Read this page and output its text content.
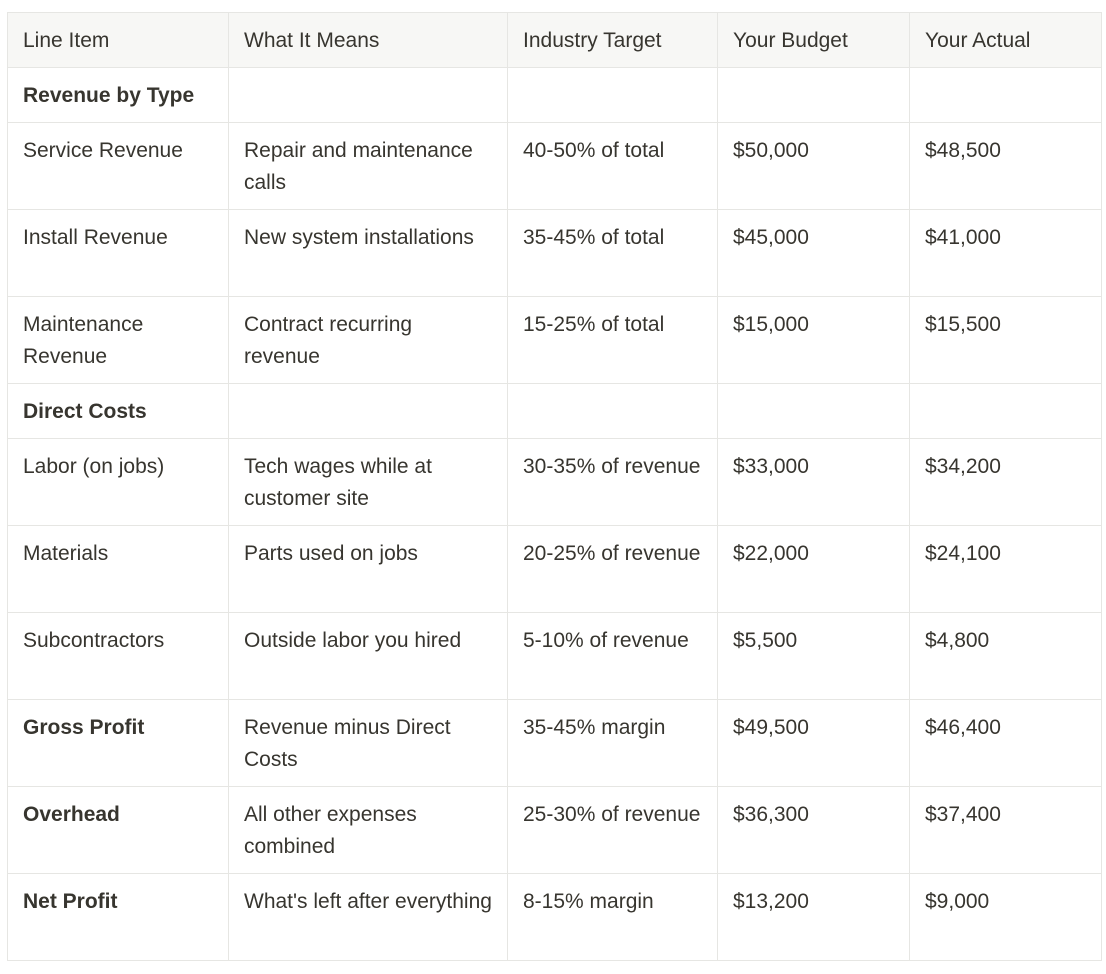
Line Item	What It Means	Industry Target	Your Budget	Your Actual
Revenue by Type				
Service Revenue	Repair and maintenance calls	40-50% of total	$50,000	$48,500
Install Revenue	New system installations	35-45% of total	$45,000	$41,000
Maintenance Revenue	Contract recurring revenue	15-25% of total	$15,000	$15,500
Direct Costs				
Labor (on jobs)	Tech wages while at customer site	30-35% of revenue	$33,000	$34,200
Materials	Parts used on jobs	20-25% of revenue	$22,000	$24,100
Subcontractors	Outside labor you hired	5-10% of revenue	$5,500	$4,800
Gross Profit	Revenue minus Direct Costs	35-45% margin	$49,500	$46,400
Overhead	All other expenses combined	25-30% of revenue	$36,300	$37,400
Net Profit	What's left after everything	8-15% margin	$13,200	$9,000
